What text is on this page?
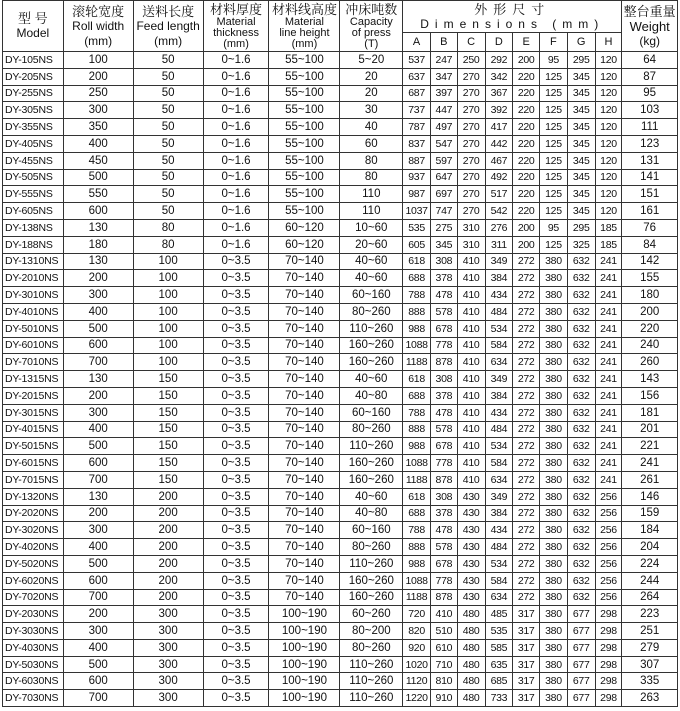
型 号
Model	滚轮宽度
Roll width
(mm)	送料长度
Feed length
(mm)	材料厚度
Material
thickness
(mm)	材料线高度
Material
line height
(mm)	冲床吨数
Capacity
of press
(T)	外形尺寸
Dimensions (mm)								整台重量
Weight
(kg)

						A	B	C	D	E	F	G	H	
DY-105NS	100	50	0~1.6	55~100	5~20	537	247	250	292	200	95	295	120	64
DY-205NS	200	50	0~1.6	55~100	20	637	347	270	342	220	125	345	120	87
DY-255NS	250	50	0~1.6	55~100	20	687	397	270	367	220	125	345	120	95
DY-305NS	300	50	0~1.6	55~100	30	737	447	270	392	220	125	345	120	103
DY-355NS	350	50	0~1.6	55~100	40	787	497	270	417	220	125	345	120	111
DY-405NS	400	50	0~1.6	55~100	60	837	547	270	442	220	125	345	120	123
DY-455NS	450	50	0~1.6	55~100	80	887	597	270	467	220	125	345	120	131
DY-505NS	500	50	0~1.6	55~100	80	937	647	270	492	220	125	345	120	141
DY-555NS	550	50	0~1.6	55~100	110	987	697	270	517	220	125	345	120	151
DY-605NS	600	50	0~1.6	55~100	110	1037	747	270	542	220	125	345	120	161
DY-138NS	130	80	0~1.6	60~120	10~60	535	275	310	276	200	95	295	185	76
DY-188NS	180	80	0~1.6	60~120	20~60	605	345	310	311	200	125	325	185	84
DY-1310NS	130	100	0~3.5	70~140	40~60	618	308	410	349	272	380	632	241	142
DY-2010NS	200	100	0~3.5	70~140	40~60	688	378	410	384	272	380	632	241	155
DY-3010NS	300	100	0~3.5	70~140	60~160	788	478	410	434	272	380	632	241	180
DY-4010NS	400	100	0~3.5	70~140	80~260	888	578	410	484	272	380	632	241	200
DY-5010NS	500	100	0~3.5	70~140	110~260	988	678	410	534	272	380	632	241	220
DY-6010NS	600	100	0~3.5	70~140	160~260	1088	778	410	584	272	380	632	241	240
DY-7010NS	700	100	0~3.5	70~140	160~260	1188	878	410	634	272	380	632	241	260
DY-1315NS	130	150	0~3.5	70~140	40~60	618	308	410	349	272	380	632	241	143
DY-2015NS	200	150	0~3.5	70~140	40~80	688	378	410	384	272	380	632	241	156
DY-3015NS	300	150	0~3.5	70~140	60~160	788	478	410	434	272	380	632	241	181
DY-4015NS	400	150	0~3.5	70~140	80~260	888	578	410	484	272	380	632	241	201
DY-5015NS	500	150	0~3.5	70~140	110~260	988	678	410	534	272	380	632	241	221
DY-6015NS	600	150	0~3.5	70~140	160~260	1088	778	410	584	272	380	632	241	241
DY-7015NS	700	150	0~3.5	70~140	160~260	1188	878	410	634	272	380	632	241	261
DY-1320NS	130	200	0~3.5	70~140	40~60	618	308	430	349	272	380	632	256	146
DY-2020NS	200	200	0~3.5	70~140	40~80	688	378	430	384	272	380	632	256	159
DY-3020NS	300	200	0~3.5	70~140	60~160	788	478	430	434	272	380	632	256	184
DY-4020NS	400	200	0~3.5	70~140	80~260	888	578	430	484	272	380	632	256	204
DY-5020NS	500	200	0~3.5	70~140	110~260	988	678	430	534	272	380	632	256	224
DY-6020NS	600	200	0~3.5	70~140	160~260	1088	778	430	584	272	380	632	256	244
DY-7020NS	700	200	0~3.5	70~140	160~260	1188	878	430	634	272	380	632	256	264
DY-2030NS	200	300	0~3.5	100~190	60~260	720	410	480	485	317	380	677	298	223
DY-3030NS	300	300	0~3.5	100~190	80~200	820	510	480	535	317	380	677	298	251
DY-4030NS	400	300	0~3.5	100~190	80~260	920	610	480	585	317	380	677	298	279
DY-5030NS	500	300	0~3.5	100~190	110~260	1020	710	480	635	317	380	677	298	307
DY-6030NS	600	300	0~3.5	100~190	110~260	1120	810	480	685	317	380	677	298	335
DY-7030NS	700	300	0~3.5	100~190	110~260	1220	910	480	733	317	380	677	298	263
